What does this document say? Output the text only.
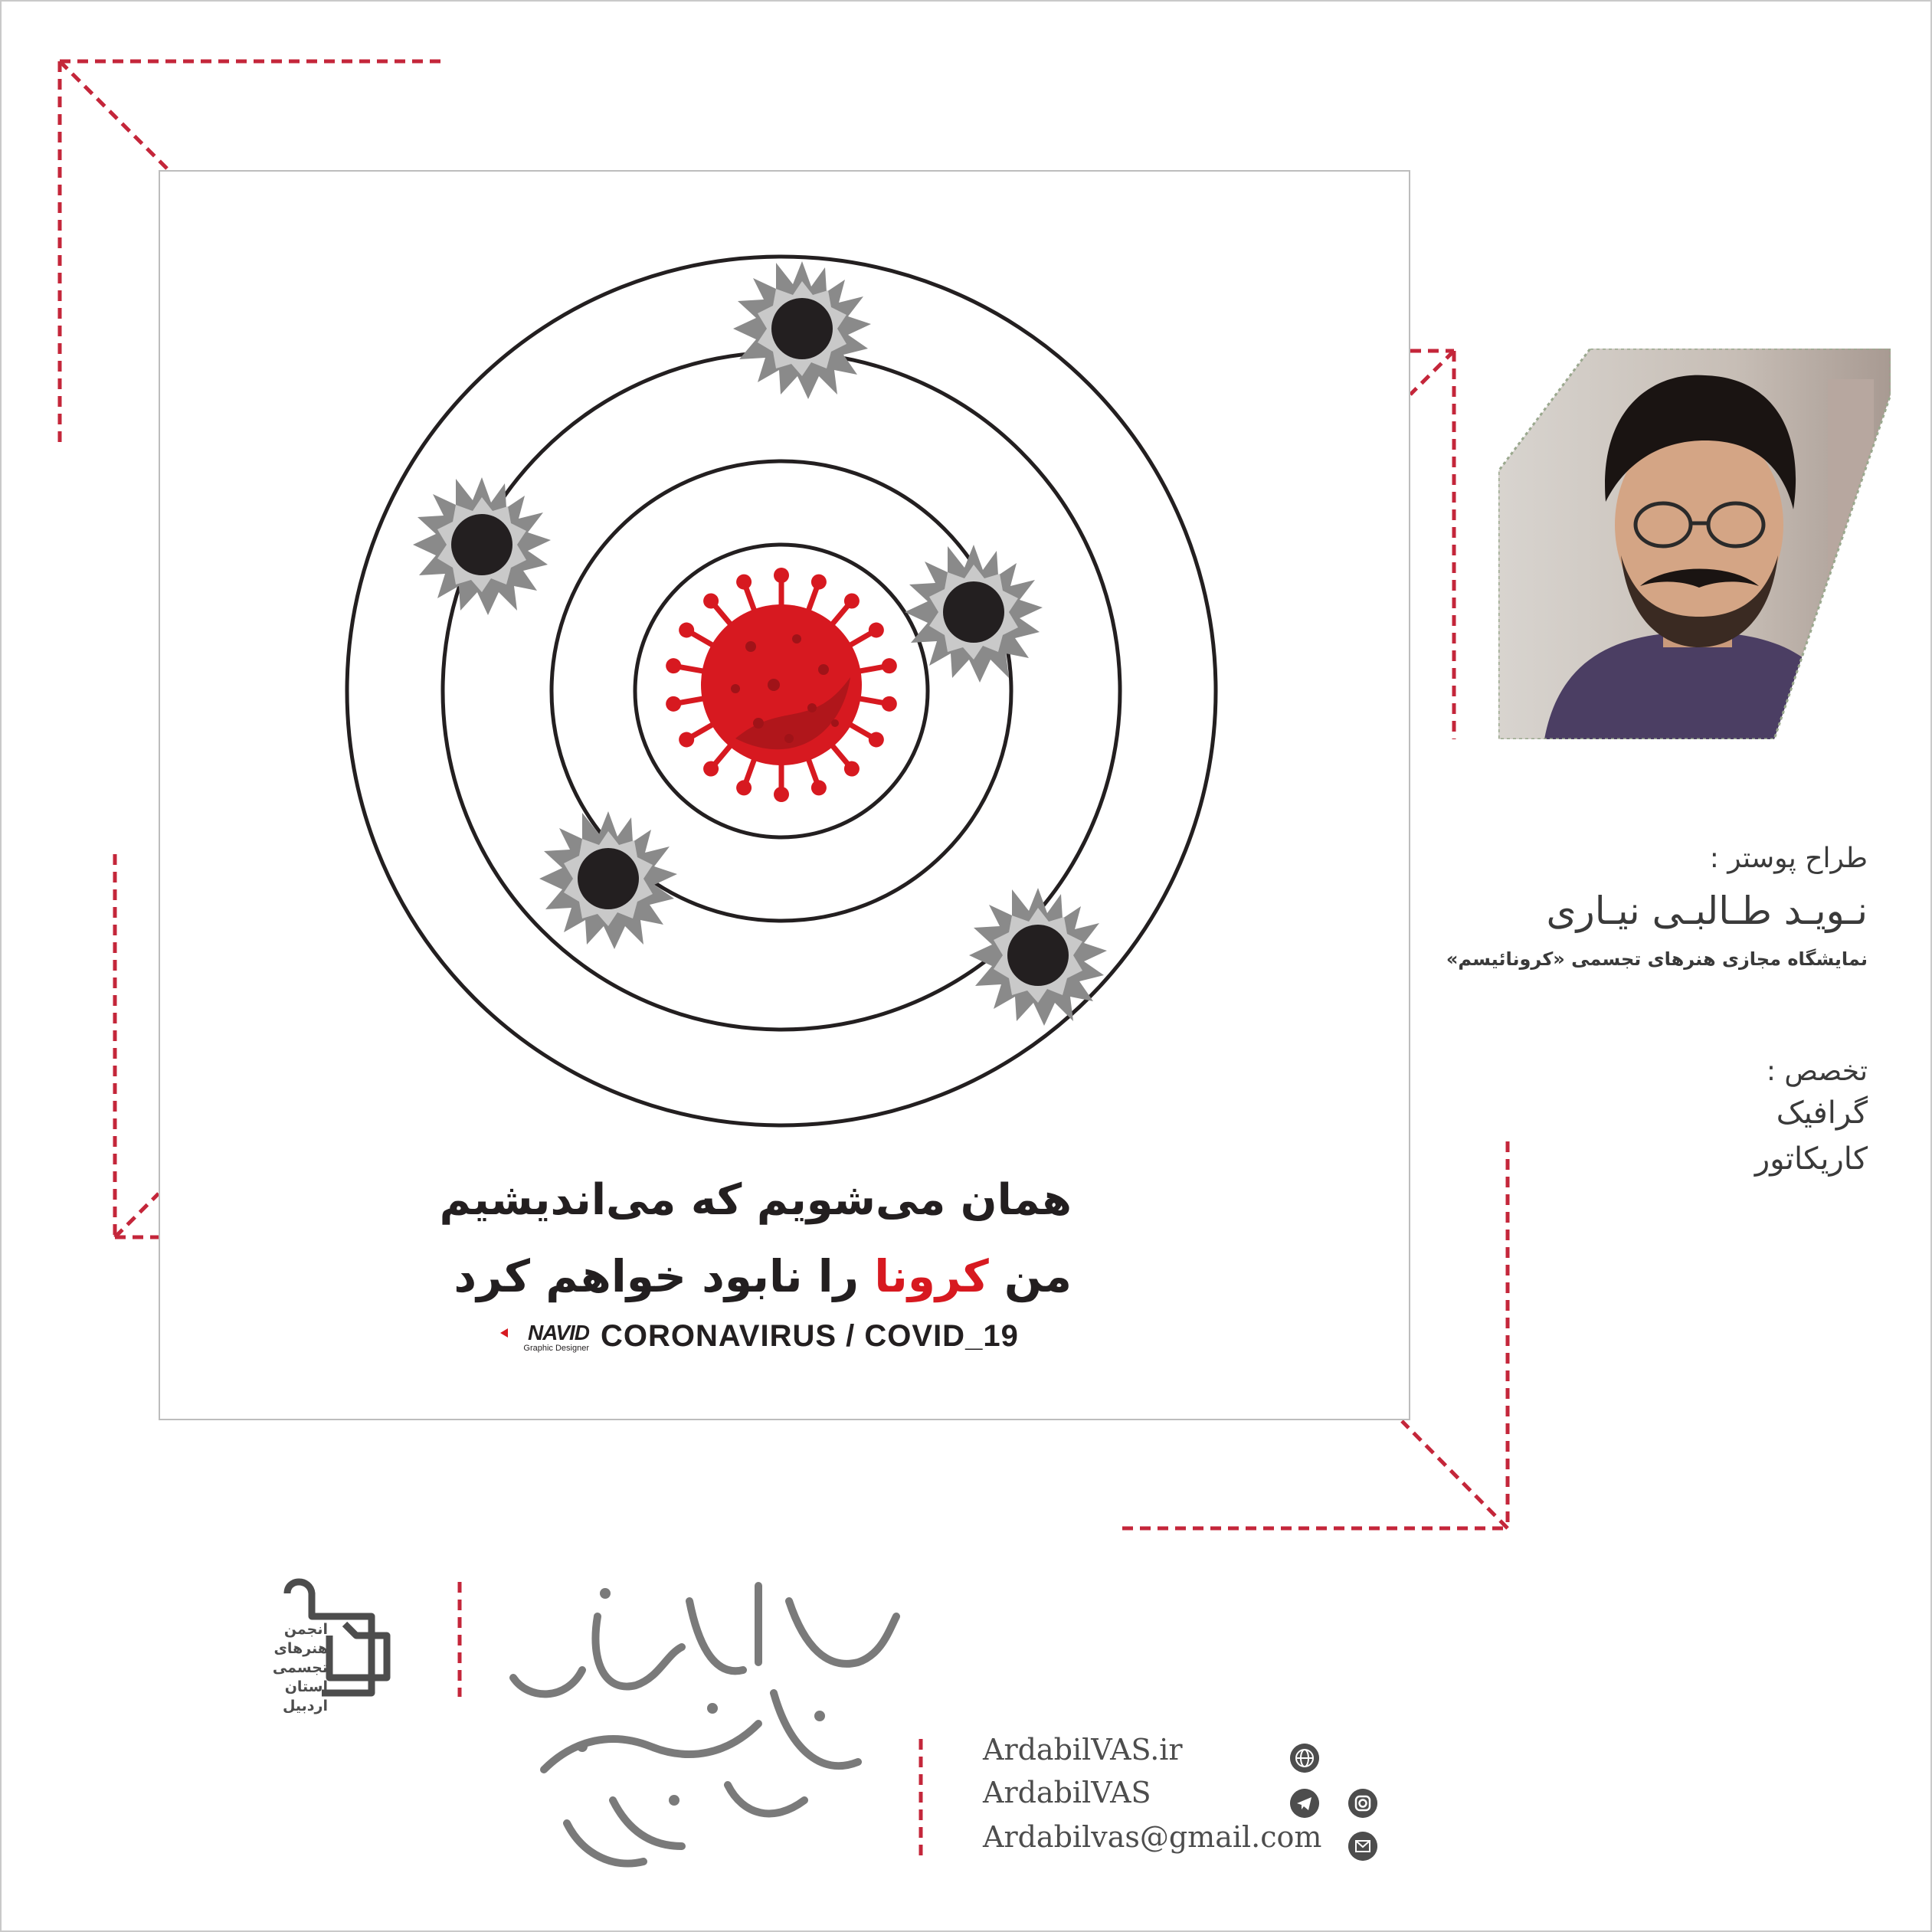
همان می‌شویم که می‌اندیشیم
من کرونا را نابود خواهم کرد
CORONAVIRUS / COVID_19
NAVID
Graphic Designer
طراح پوستر :
نـویـد طـالبـی نیـاری
نمایشگاه مجازی هنرهای تجسمی «کرونائیسم»
تخصص :
گرافیک
کاریکاتور
انجمن
هنرهای
تجسمی
استان اردبیل
ArdabilVAS.ir
ArdabilVAS
Ardabilvas@gmail.com
